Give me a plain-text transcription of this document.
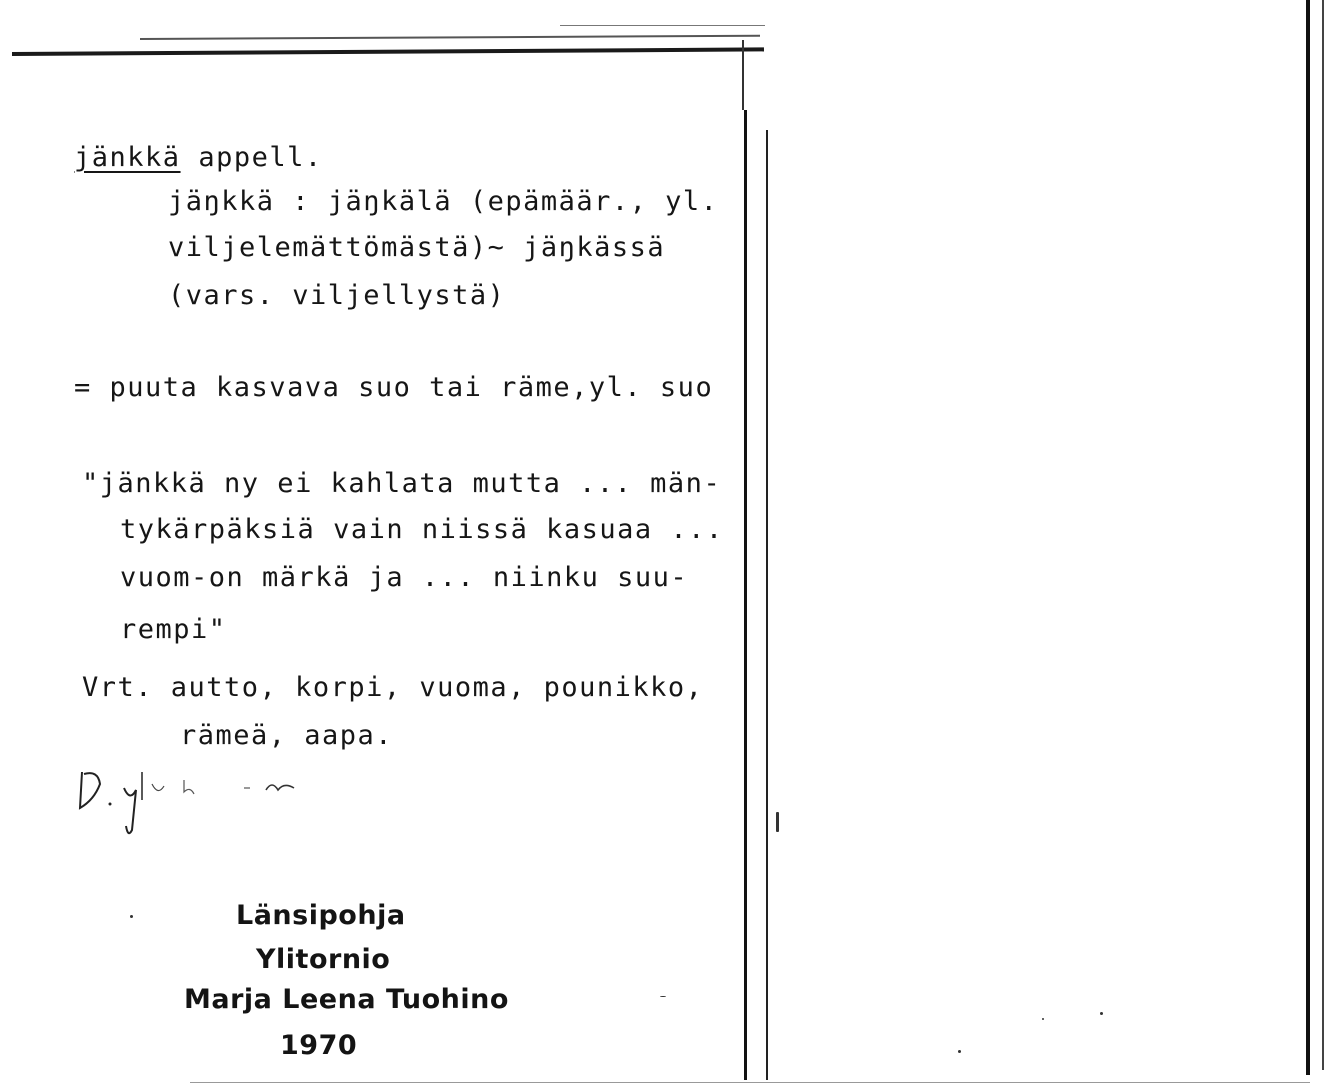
jänkkä appell.
jäŋkkä : jäŋkälä (epämäär., yl.
viljelemättömästä)~ jäŋkässä
(vars. viljellystä)
= puuta kasvava suo tai räme,yl. suo
"jänkkä ny ei kahlata mutta ... män-
tykärpäksiä vain niissä kasuaa ...
vuom-on märkä ja ... niinku suu-
rempi"
Vrt. autto, korpi, vuoma, pounikko,
rämeä, aapa.
Länsipohja
Ylitornio
Marja Leena Tuohino
1970
